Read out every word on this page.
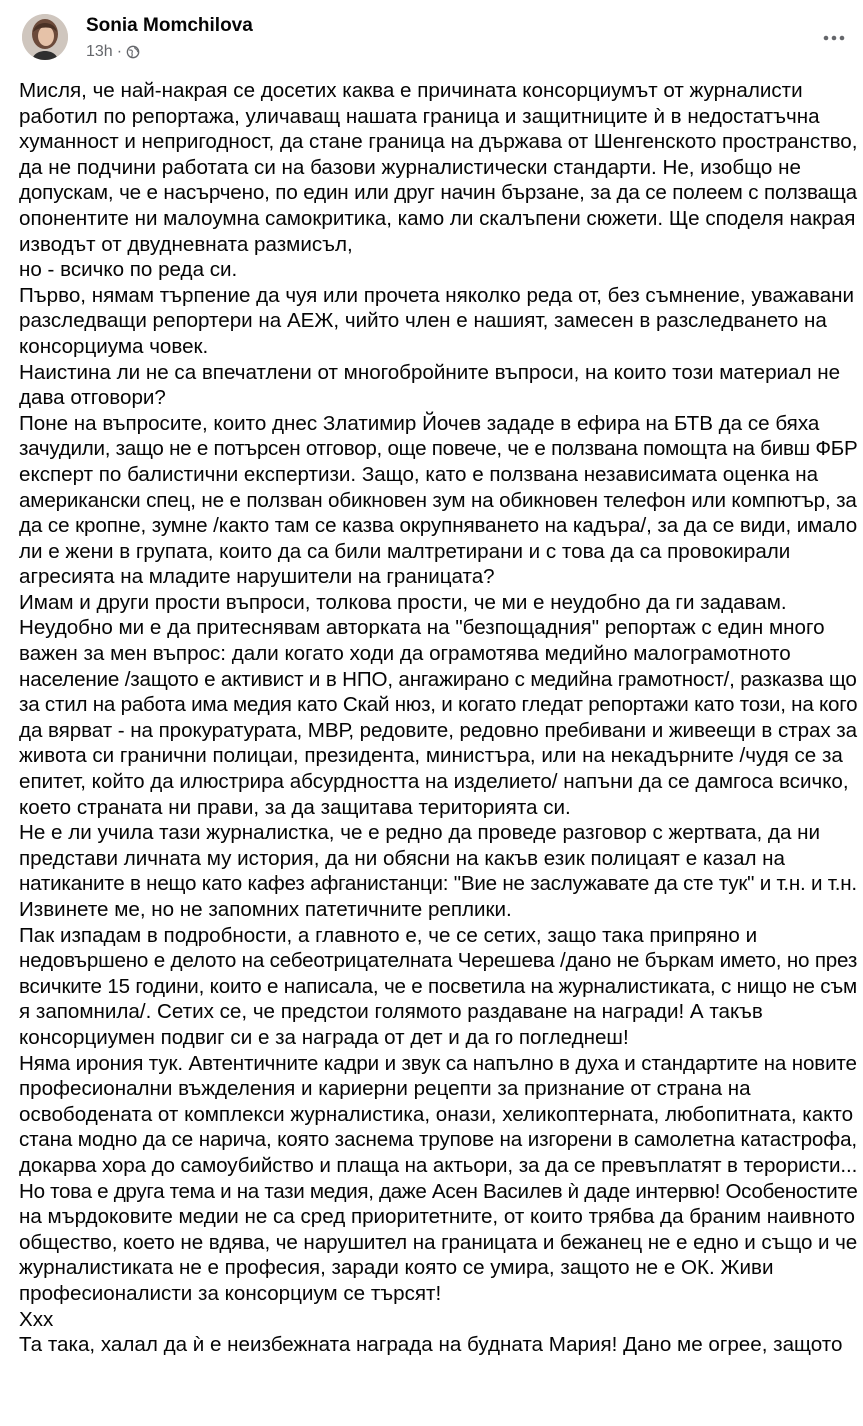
Sonia Momchilova
13h ·
Мисля, че най-накрая се досетих каква е причината консорциумът от журналисти
работил по репортажа, уличаващ нашата граница и защитниците ѝ в недостатъчна
хуманност и непригодност, да стане граница на държава от Шенгенското пространство,
да не подчини работата си на базови журналистически стандарти. Не, изобщо не
допускам, че е насърчено, по един или друг начин бързане, за да се полеем с ползваща
опонентите ни малоумна самокритика, камо ли скалъпени сюжети. Ще споделя накрая
изводът от двудневната размисъл,
но - всичко по реда си.
Първо, нямам търпение да чуя или прочета няколко реда от, без съмнение, уважавани
разследващи репортери на АЕЖ, чийто член е нашият, замесен в разследването на
консорциума човек.
Наистина ли не са впечатлени от многобройните въпроси, на които този материал не
дава отговори?
Поне на въпросите, които днес Златимир Йочев зададе в ефира на БТВ да се бяха
зачудили, защо не е потърсен отговор, още повече, че е ползвана помощта на бивш ФБР
експерт по балистични експертизи. Защо, като е ползвана независимата оценка на
американски спец, не е ползван обикновен зум на обикновен телефон или компютър, за
да се кропне, зумне /както там се казва окрупняването на кадъра/, за да се види, имало
ли е жени в групата, които да са били малтретирани и с това да са провокирали
агресията на младите нарушители на границата?
Имам и други прости въпроси, толкова прости, че ми е неудобно да ги задавам.
Неудобно ми е да притеснявам авторката на "безпощадния" репортаж с един много
важен за мен въпрос: дали когато ходи да ограмотява медийно малограмотното
население /защото е активист и в НПО, ангажирано с медийна грамотност/, разказва що
за стил на работа има медия като Скай нюз, и когато гледат репортажи като този, на кого
да вярват - на прокуратурата, МВР, редовите, редовно пребивани и живеещи в страх за
живота си гранични полицаи, президента, министъра, или на некадърните /чудя се за
епитет, който да илюстрира абсурдността на изделието/ напъни да се дамгоса всичко,
което страната ни прави, за да защитава територията си.
Не е ли учила тази журналистка, че е редно да проведе разговор с жертвата, да ни
представи личната му история, да ни обясни на какъв език полицаят е казал на
натиканите в нещо като кафез афганистанци: "Вие не заслужавате да сте тук" и т.н. и т.н.
Извинете ме, но не запомних патетичните реплики.
Пак изпадам в подробности, а главното е, че се сетих, защо така припряно и
недовършено е делото на себеотрицателната Черешева /дано не бъркам името, но през
всичките 15 години, които е написала, че е посветила на журналистиката, с нищо не съм
я запомнила/. Сетих се, че предстои голямото раздаване на награди! А такъв
консорциумен подвиг си е за награда от дет и да го погледнеш!
Няма ирония тук. Автентичните кадри и звук са напълно в духа и стандартите на новите
професионални въжделения и кариерни рецепти за признание от страна на
освободената от комплекси журналистика, онази, хеликоптерната, любопитната, както
стана модно да се нарича, която заснема трупове на изгорени в самолетна катастрофа,
докарва хора до самоубийство и плаща на актьори, за да се превъплатят в терористи...
Но това е друга тема и на тази медия, даже Асен Василев ѝ даде интервю! Особеностите
на мърдоковите медии не са сред приоритетните, от които трябва да браним наивното
общество, което не вдява, че нарушител на границата и бежанец не е едно и също и че
журналистиката не е професия, заради която се умира, защото не е ОК. Живи
професионалисти за консорциум се търсят!
Ххх
Та така, халал да ѝ е неизбежната награда на будната Мария! Дано ме огрее, защото
